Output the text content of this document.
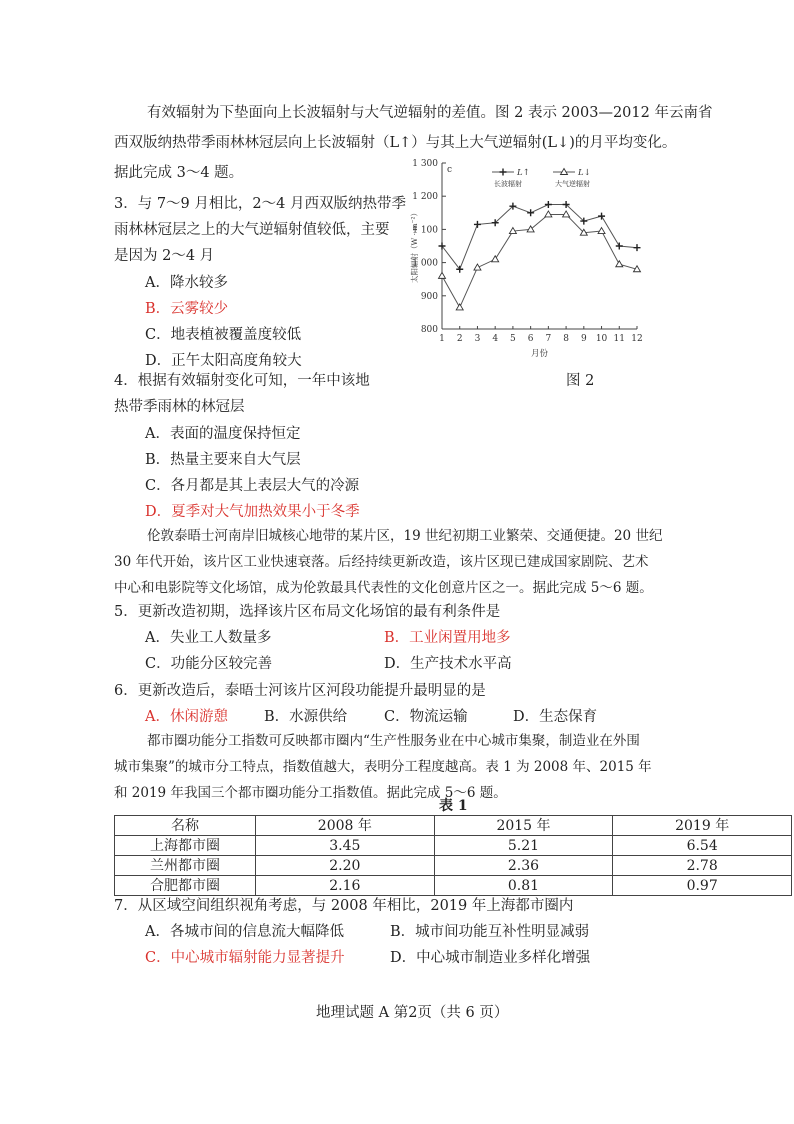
有效辐射为下垫面向上长波辐射与大气逆辐射的差值。图 2 表示 2003—2012 年云南省
西双版纳热带季雨林林冠层向上长波辐射（L↑）与其上大气逆辐射(L↓)的月平均变化。
据此完成 3～4 题。
3．与 7～9 月相比，2～4 月西双版纳热带季
雨林林冠层之上的大气逆辐射值较低，主要
是因为 2～4 月
A．降水较多
B．云雾较少
C．地表植被覆盖度较低
D．正午太阳高度角较大
800
900
1 000
1 100
1 200
1 300
1 2 3 4 5 6 7 8 9 10 11 12
月份
太阳辐射（W · m⁻²）
c	L↑
长波辐射
L↓
大气逆辐射
图 2
4．根据有效辐射变化可知，一年中该地
热带季雨林的林冠层
A．表面的温度保持恒定
B．热量主要来自大气层
C．各月都是其上表层大气的冷源
D．夏季对大气加热效果小于冬季
伦敦泰晤士河南岸旧城核心地带的某片区，19 世纪初期工业繁荣、交通便捷。20 世纪
30 年代开始，该片区工业快速衰落。后经持续更新改造，该片区现已建成国家剧院、艺术
中心和电影院等文化场馆，成为伦敦最具代表性的文化创意片区之一。据此完成 5～6 题。
5．更新改造初期，选择该片区布局文化场馆的最有利条件是
A．失业工人数量多	B．工业闲置用地多
C．功能分区较完善	D．生产技术水平高
6．更新改造后，泰晤士河该片区河段功能提升最明显的是
A．休闲游憩 B．水源供给	C．物流运输	D．生态保育
都市圈功能分工指数可反映都市圈内“生产性服务业在中心城市集聚，制造业在外围
城市集聚”的城市分工特点，指数值越大，表明分工程度越高。表 1 为 2008 年、2015 年
和 2019 年我国三个都市圈功能分工指数值。据此完成 5～6 题。
表 1
名称	2008 年	2015 年	2019 年
上海都市圈	3.45	5.21	6.54
兰州都市圈	2.20	2.36	2.78
合肥都市圈	2.16	0.81	0.97
7．从区域空间组织视角考虑，与 2008 年相比，2019 年上海都市圈内
A．各城市间的信息流大幅降低	B．城市间功能互补性明显减弱
C．中心城市辐射能力显著提升	D．中心城市制造业多样化增强
地理试题 A 第2页（共 6 页）
